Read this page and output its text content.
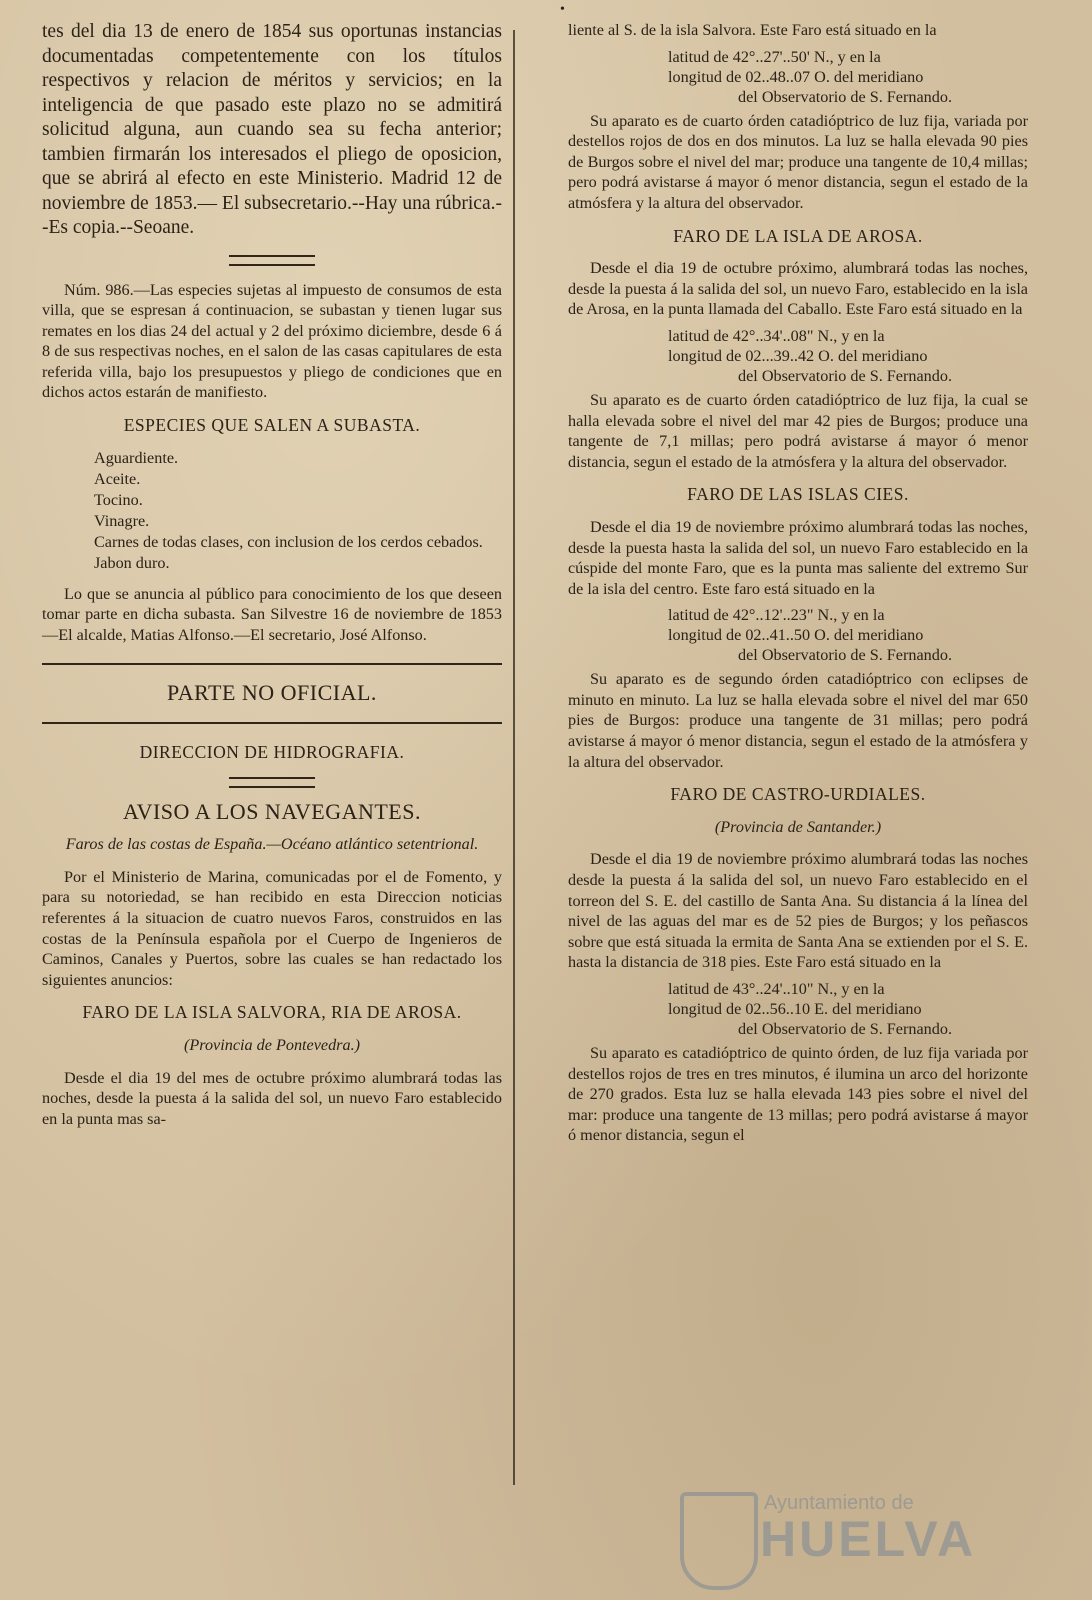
•

tes del dia 13 de enero de 1854 sus oportunas instancias documentadas competentemente con los títulos respectivos y relacion de méritos y servicios; en la inteligencia de que pasado este plazo no se admitirá solicitud alguna, aun cuando sea su fecha anterior; tambien firmarán los interesados el pliego de oposicion, que se abrirá al efecto en este Ministerio. Madrid 12 de noviembre de 1853.— El subsecretario.--Hay una rúbrica.--Es copia.--Seoane.

Núm. 986.—Las especies sujetas al impuesto de consumos de esta villa, que se espresan á continuacion, se subastan y tienen lugar sus remates en los dias 24 del actual y 2 del próximo diciembre, desde 6 á 8 de sus respectivas noches, en el salon de las casas capitulares de esta referida villa, bajo los presupuestos y pliego de condiciones que en dichos actos estarán de manifiesto.

ESPECIES QUE SALEN A SUBASTA.
Aguardiente.
Aceite.
Tocino.
Vinagre.
Carnes de todas clases, con inclusion de los cerdos cebados.
Jabon duro.

Lo que se anuncia al público para conocimiento de los que deseen tomar parte en dicha subasta. San Silvestre 16 de noviembre de 1853 —El alcalde, Matias Alfonso.—El secretario, José Alfonso.

PARTE NO OFICIAL.
DIRECCION DE HIDROGRAFIA.
AVISO A LOS NAVEGANTES.
Faros de las costas de España.—Océano atlántico setentrional.

Por el Ministerio de Marina, comunicadas por el de Fomento, y para su notoriedad, se han recibido en esta Direccion noticias referentes á la situacion de cuatro nuevos Faros, construidos en las costas de la Península española por el Cuerpo de Ingenieros de Caminos, Canales y Puertos, sobre las cuales se han redactado los siguientes anuncios:

FARO DE LA ISLA SALVORA, RIA DE AROSA.
(Provincia de Pontevedra.)

Desde el dia 19 del mes de octubre próximo alumbrará todas las noches, desde la puesta á la salida del sol, un nuevo Faro establecido en la punta mas sa-

liente al S. de la isla Salvora. Este Faro está situado en la

latitud de 42°..27'..50' N., y en la

longitud de 02..48..07 O. del meridiano

del Observatorio de S. Fernando.

Su aparato es de cuarto órden catadióptrico de luz fija, variada por destellos rojos de dos en dos minutos. La luz se halla elevada 90 pies de Burgos sobre el nivel del mar; produce una tangente de 10,4 millas; pero podrá avistarse á mayor ó menor distancia, segun el estado de la atmósfera y la altura del observador.

FARO DE LA ISLA DE AROSA.

Desde el dia 19 de octubre próximo, alumbrará todas las noches, desde la puesta á la salida del sol, un nuevo Faro, establecido en la isla de Arosa, en la punta llamada del Caballo. Este Faro está situado en la

latitud de 42°..34'..08" N., y en la

longitud de 02...39..42 O. del meridiano

del Observatorio de S. Fernando.

Su aparato es de cuarto órden catadióptrico de luz fija, la cual se halla elevada sobre el nivel del mar 42 pies de Burgos; produce una tangente de 7,1 millas; pero podrá avistarse á mayor ó menor distancia, segun el estado de la atmósfera y la altura del observador.

FARO DE LAS ISLAS CIES.

Desde el dia 19 de noviembre próximo alumbrará todas las noches, desde la puesta hasta la salida del sol, un nuevo Faro establecido en la cúspide del monte Faro, que es la punta mas saliente del extremo Sur de la isla del centro. Este faro está situado en la

latitud de 42°..12'..23" N., y en la

longitud de 02..41..50 O. del meridiano

del Observatorio de S. Fernando.

Su aparato es de segundo órden catadióptrico con eclipses de minuto en minuto. La luz se halla elevada sobre el nivel del mar 650 pies de Burgos: produce una tangente de 31 millas; pero podrá avistarse á mayor ó menor distancia, segun el estado de la atmósfera y la altura del observador.

FARO DE CASTRO-URDIALES.
(Provincia de Santander.)

Desde el dia 19 de noviembre próximo alumbrará todas las noches desde la puesta á la salida del sol, un nuevo Faro establecido en el torreon del S. E. del castillo de Santa Ana. Su distancia á la línea del nivel de las aguas del mar es de 52 pies de Burgos; y los peñascos sobre que está situada la ermita de Santa Ana se extienden por el S. E. hasta la distancia de 318 pies. Este Faro está situado en la

latitud de 43°..24'..10" N., y en la

longitud de 02..56..10 E. del meridiano

del Observatorio de S. Fernando.

Su aparato es catadióptrico de quinto órden, de luz fija variada por destellos rojos de tres en tres minutos, é ilumina un arco del horizonte de 270 grados. Esta luz se halla elevada 143 pies sobre el nivel del mar: produce una tangente de 13 millas; pero podrá avistarse á mayor ó menor distancia, segun el

Ayuntamiento de
HUELVA
